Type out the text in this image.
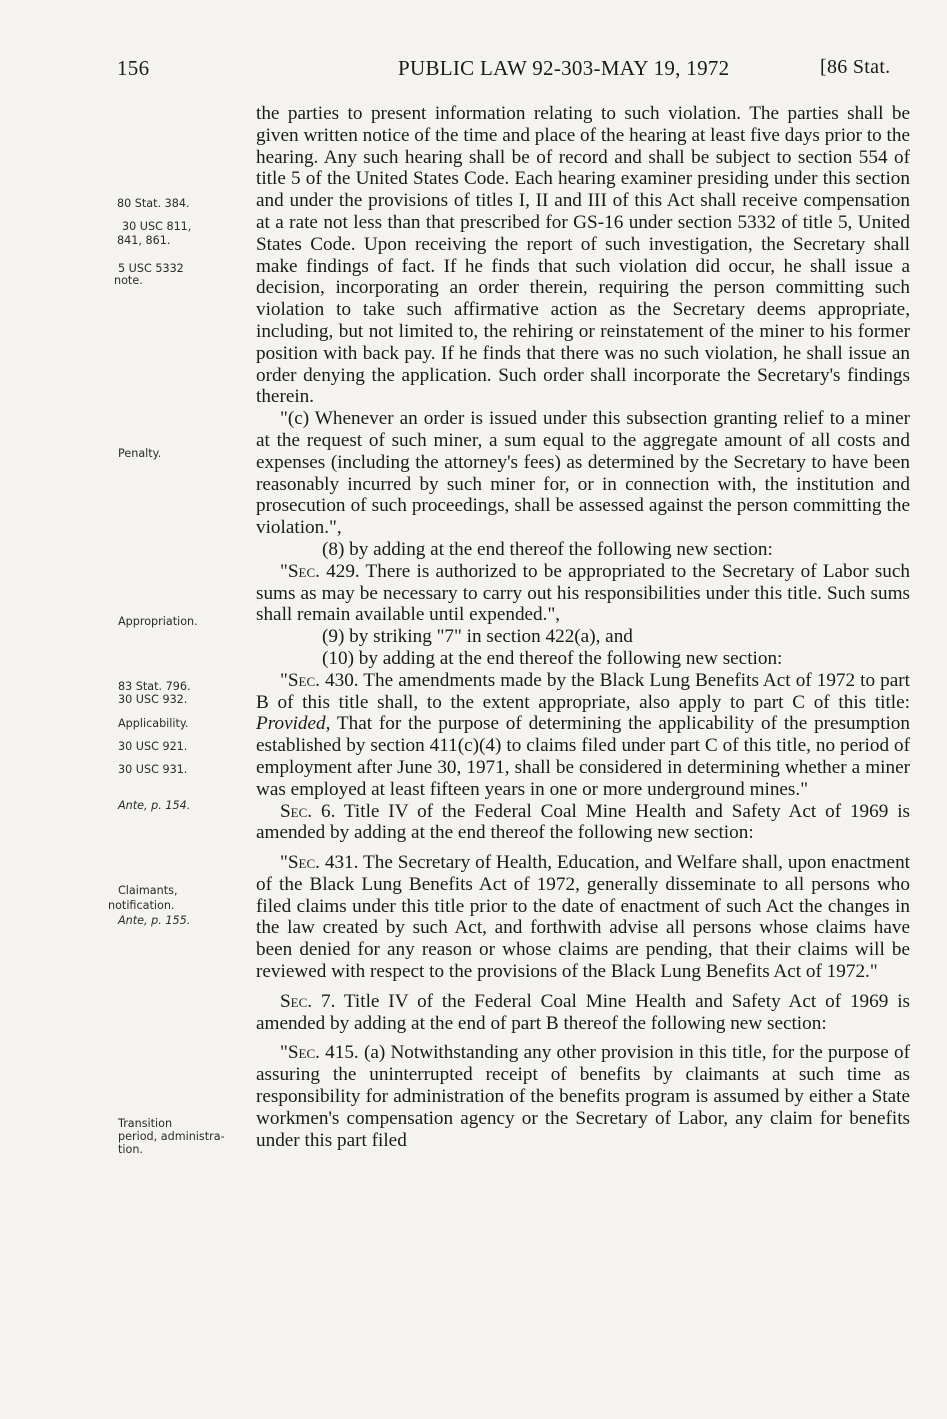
156	PUBLIC LAW 92-303-MAY 19, 1972	[86 Stat.
80 Stat. 384.
30 USC 811,
841, 861.
5 USC 5332
note.
Penalty.
Appropriation.
83 Stat. 796.
30 USC 932.
Applicability.
30 USC 921.
30 USC 931.
Ante, p. 154.
Claimants,
notification.
Ante, p. 155.
Transition
period, administra-
tion.

the parties to present information relating to such violation. The parties shall be given written notice of the time and place of the hearing at least five days prior to the hearing. Any such hearing shall be of record and shall be subject to section 554 of title 5 of the United States Code. Each hearing examiner presiding under this section and under the provisions of titles I, II and III of this Act shall receive compensation at a rate not less than that prescribed for GS-16 under section 5332 of title 5, United States Code. Upon receiving the report of such investigation, the Secretary shall make findings of fact. If he finds that such violation did occur, he shall issue a decision, incorporating an order therein, requiring the person committing such violation to take such affirmative action as the Secretary deems appropriate, including, but not limited to, the rehiring or reinstatement of the miner to his former position with back pay. If he finds that there was no such violation, he shall issue an order denying the application. Such order shall incorporate the Secretary's findings therein.

"(c) Whenever an order is issued under this subsection granting relief to a miner at the request of such miner, a sum equal to the aggregate amount of all costs and expenses (including the attorney's fees) as determined by the Secretary to have been reasonably incurred by such miner for, or in connection with, the institution and prosecution of such proceedings, shall be assessed against the person committing the violation.",

(8) by adding at the end thereof the following new section:

"Sec. 429. There is authorized to be appropriated to the Secretary of Labor such sums as may be necessary to carry out his responsibilities under this title. Such sums shall remain available until expended.",

(9) by striking "7" in section 422(a), and

(10) by adding at the end thereof the following new section:

"Sec. 430. The amendments made by the Black Lung Benefits Act of 1972 to part B of this title shall, to the extent appropriate, also apply to part C of this title: Provided, That for the purpose of determining the applicability of the presumption established by section 411(c)(4) to claims filed under part C of this title, no period of employment after June 30, 1971, shall be considered in determining whether a miner was employed at least fifteen years in one or more underground mines."

Sec. 6. Title IV of the Federal Coal Mine Health and Safety Act of 1969 is amended by adding at the end thereof the following new section:

"Sec. 431. The Secretary of Health, Education, and Welfare shall, upon enactment of the Black Lung Benefits Act of 1972, generally disseminate to all persons who filed claims under this title prior to the date of enactment of such Act the changes in the law created by such Act, and forthwith advise all persons whose claims have been denied for any reason or whose claims are pending, that their claims will be reviewed with respect to the provisions of the Black Lung Benefits Act of 1972."

Sec. 7. Title IV of the Federal Coal Mine Health and Safety Act of 1969 is amended by adding at the end of part B thereof the following new section:

"Sec. 415. (a) Notwithstanding any other provision in this title, for the purpose of assuring the uninterrupted receipt of benefits by claimants at such time as responsibility for administration of the benefits program is assumed by either a State workmen's compensation agency or the Secretary of Labor, any claim for benefits under this part filed
